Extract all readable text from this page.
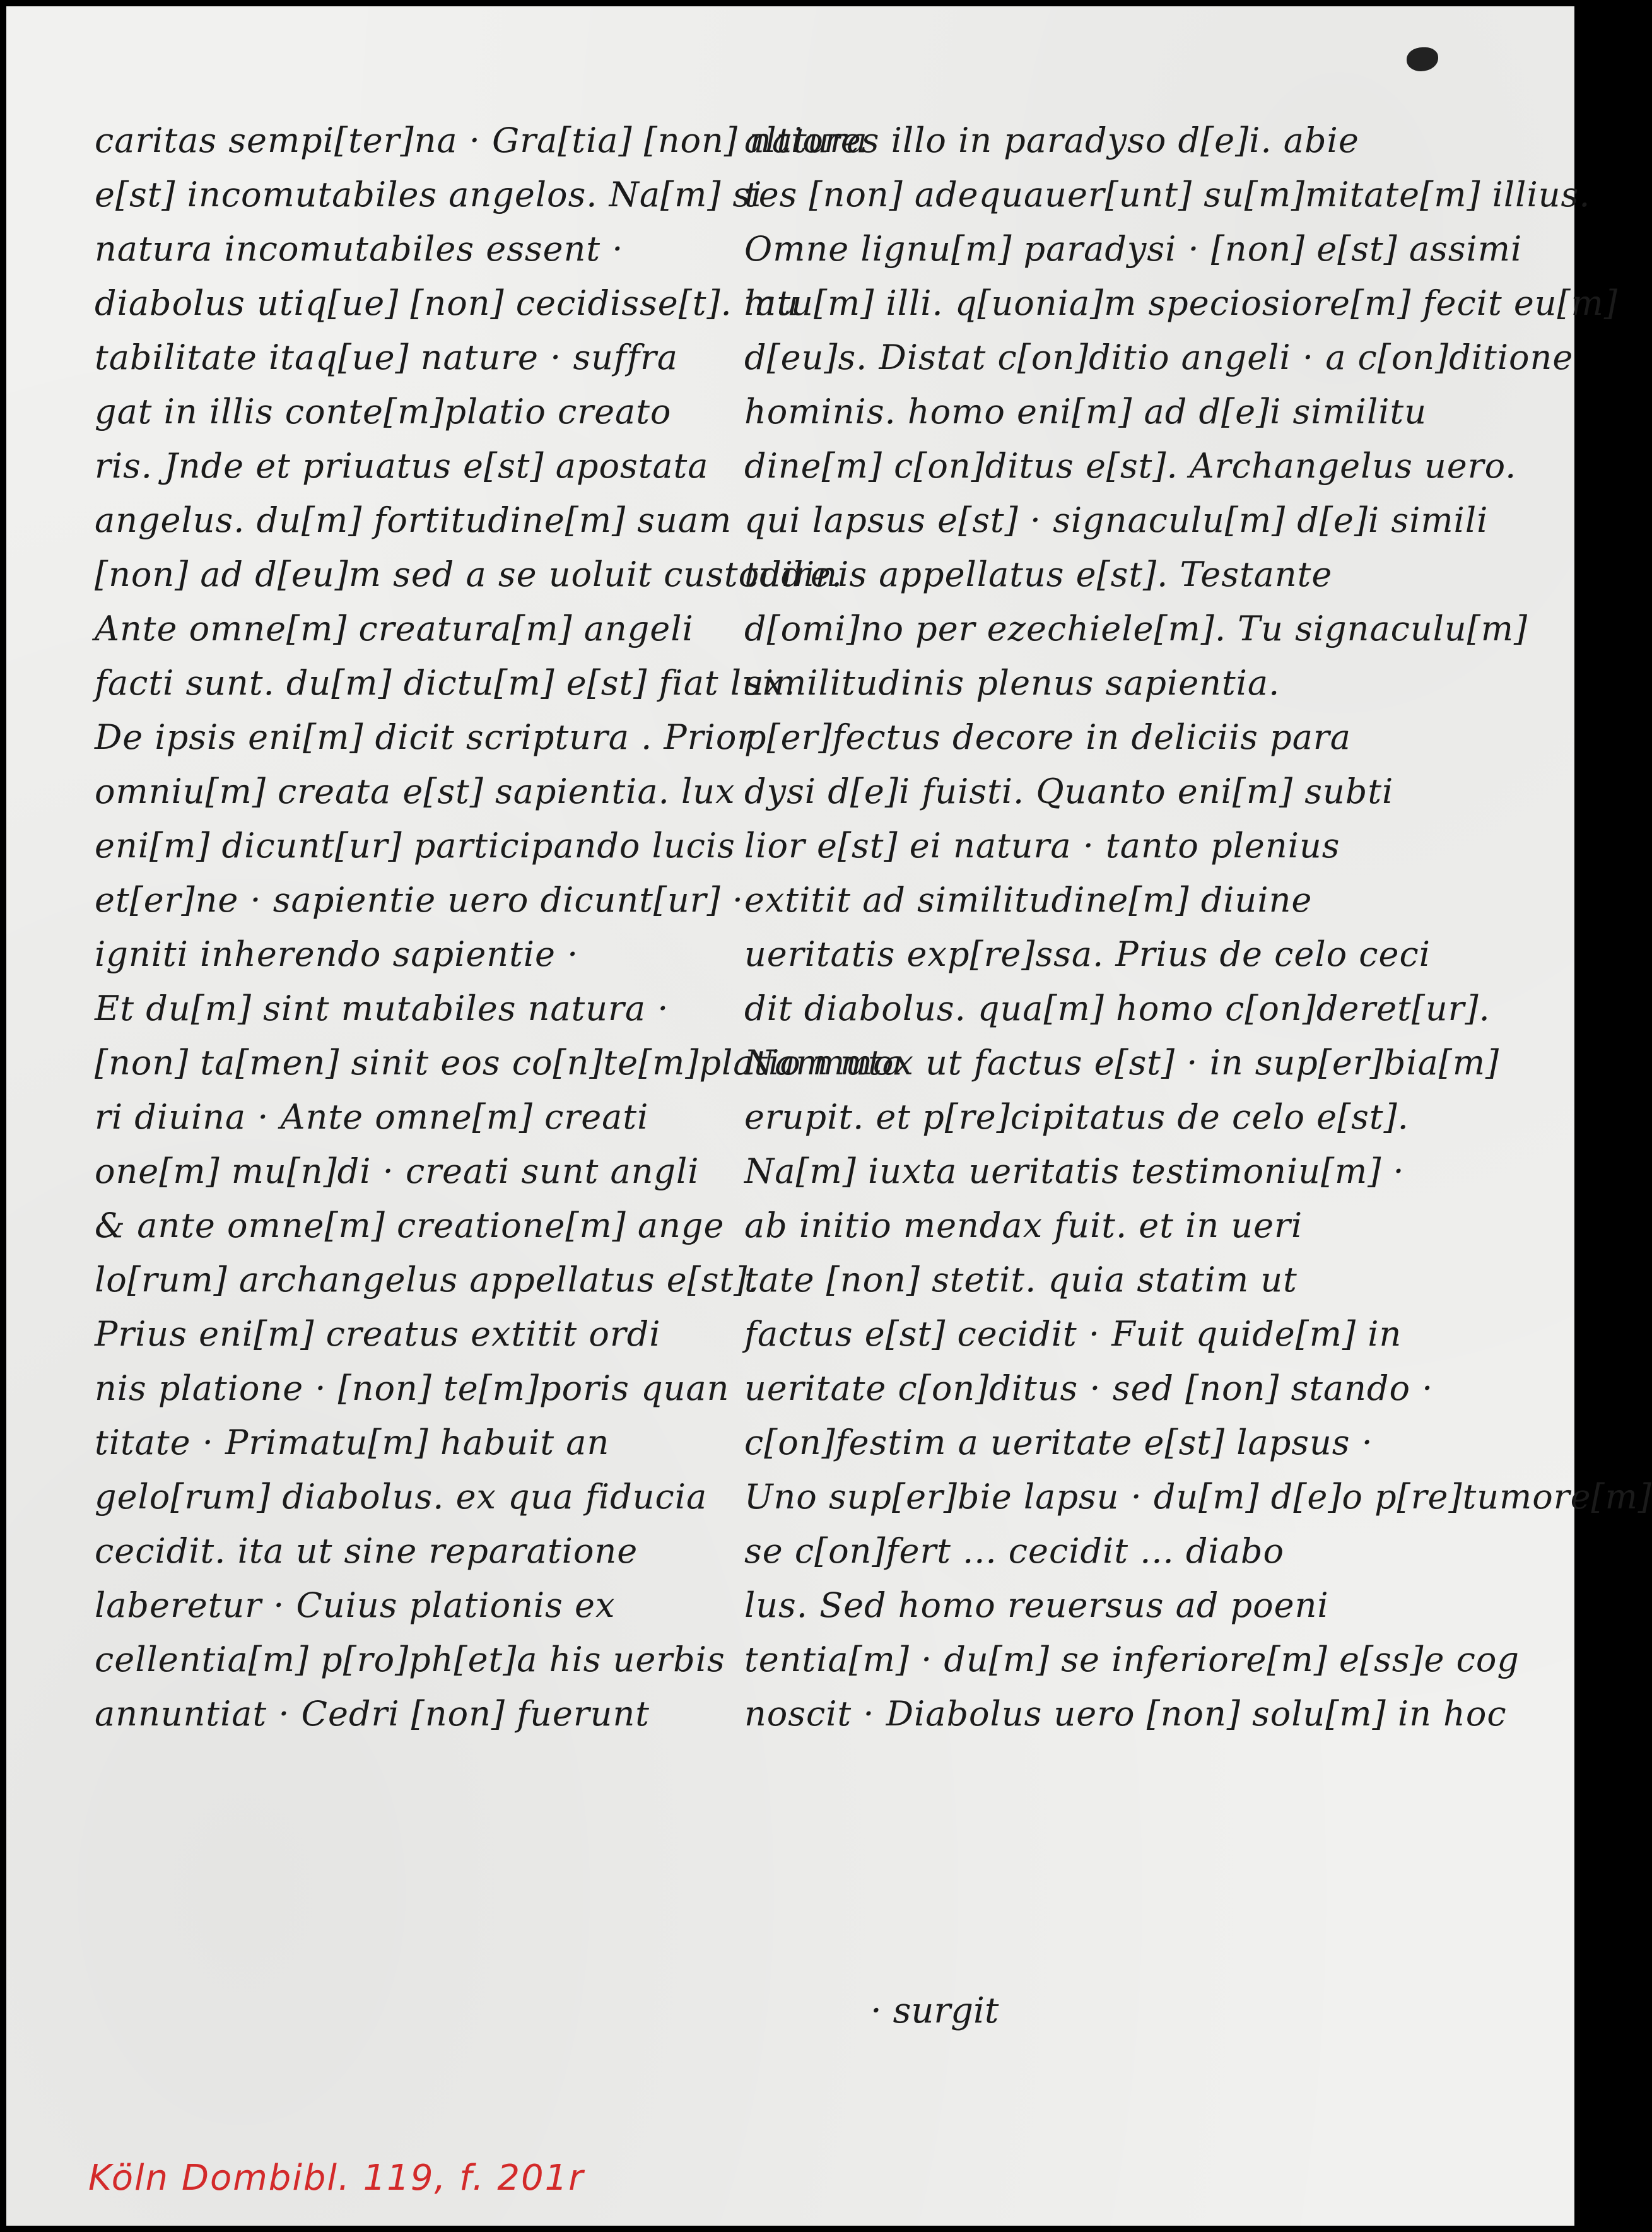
caritas sempi[ter]na · Gra[tia] [non] natura
e[st] incomutabiles angelos. Na[m] si
natura incomutabiles essent ·
diabolus utiq[ue] [non] cecidisse[t]. mu
tabilitate itaq[ue] nature · suffra
gat in illis conte[m]platio creato
ris. Jnde et priuatus e[st] apostata
angelus. du[m] fortitudine[m] suam
[non] ad d[eu]m sed a se uoluit custodire.
Ante omne[m] creatura[m] angeli
facti sunt. du[m] dictu[m] e[st] fiat lux.
De ipsis eni[m] dicit scriptura . Prior
omniu[m] creata e[st] sapientia. lux
eni[m] dicunt[ur] participando lucis
et[er]ne · sapientie uero dicunt[ur] ·
igniti inherendo sapientie ·
Et du[m] sint mutabiles natura ·
[non] ta[men] sinit eos co[n]te[m]platio muta
ri diuina · Ante omne[m] creati
one[m] mu[n]di · creati sunt angli
& ante omne[m] creatione[m] ange
lo[rum] archangelus appellatus e[st].
Prius eni[m] creatus extitit ordi
nis platione · [non] te[m]poris quan
titate · Primatu[m] habuit an
gelo[rum] diabolus. ex qua fiducia
cecidit. ita ut sine reparatione
laberetur · Cuius plationis ex
cellentia[m] p[ro]ph[et]a his uerbis
annuntiat · Cedri [non] fuerunt
altiores illo in paradyso d[e]i. abie
tes [non] adequauer[unt] su[m]mitate[m] illius.
Omne lignu[m] paradysi · [non] e[st] assimi
latu[m] illi. q[uonia]m speciosiore[m] fecit eu[m]
d[eu]s. Distat c[on]ditio angeli · a c[on]ditione
hominis. homo eni[m] ad d[e]i similitu
dine[m] c[on]ditus e[st]. Archangelus uero.
qui lapsus e[st] · signaculu[m] d[e]i simili
tudinis appellatus e[st]. Testante
d[omi]no per ezechiele[m]. Tu signaculu[m]
similitudinis plenus sapientia.
p[er]fectus decore in deliciis para
dysi d[e]i fuisti. Quanto eni[m] subti
lior e[st] ei natura · tanto plenius
extitit ad similitudine[m] diuine
ueritatis exp[re]ssa. Prius de celo ceci
dit diabolus. qua[m] homo c[on]deret[ur].
Nam mox ut factus e[st] · in sup[er]bia[m]
erupit. et p[re]cipitatus de celo e[st].
Na[m] iuxta ueritatis testimoniu[m] ·
ab initio mendax fuit. et in ueri
tate [non] stetit. quia statim ut
factus e[st] cecidit · Fuit quide[m] in
ueritate c[on]ditus · sed [non] stando ·
c[on]festim a ueritate e[st] lapsus ·
Uno sup[er]bie lapsu · du[m] d[e]o p[re]tumore[m]
se c[on]fert ... cecidit ... diabo
lus. Sed homo reuersus ad poeni
tentia[m] · du[m] se inferiore[m] e[ss]e cog
noscit · Diabolus uero [non] solu[m] in hoc
· surgit
Köln Dombibl. 119, f. 201r
